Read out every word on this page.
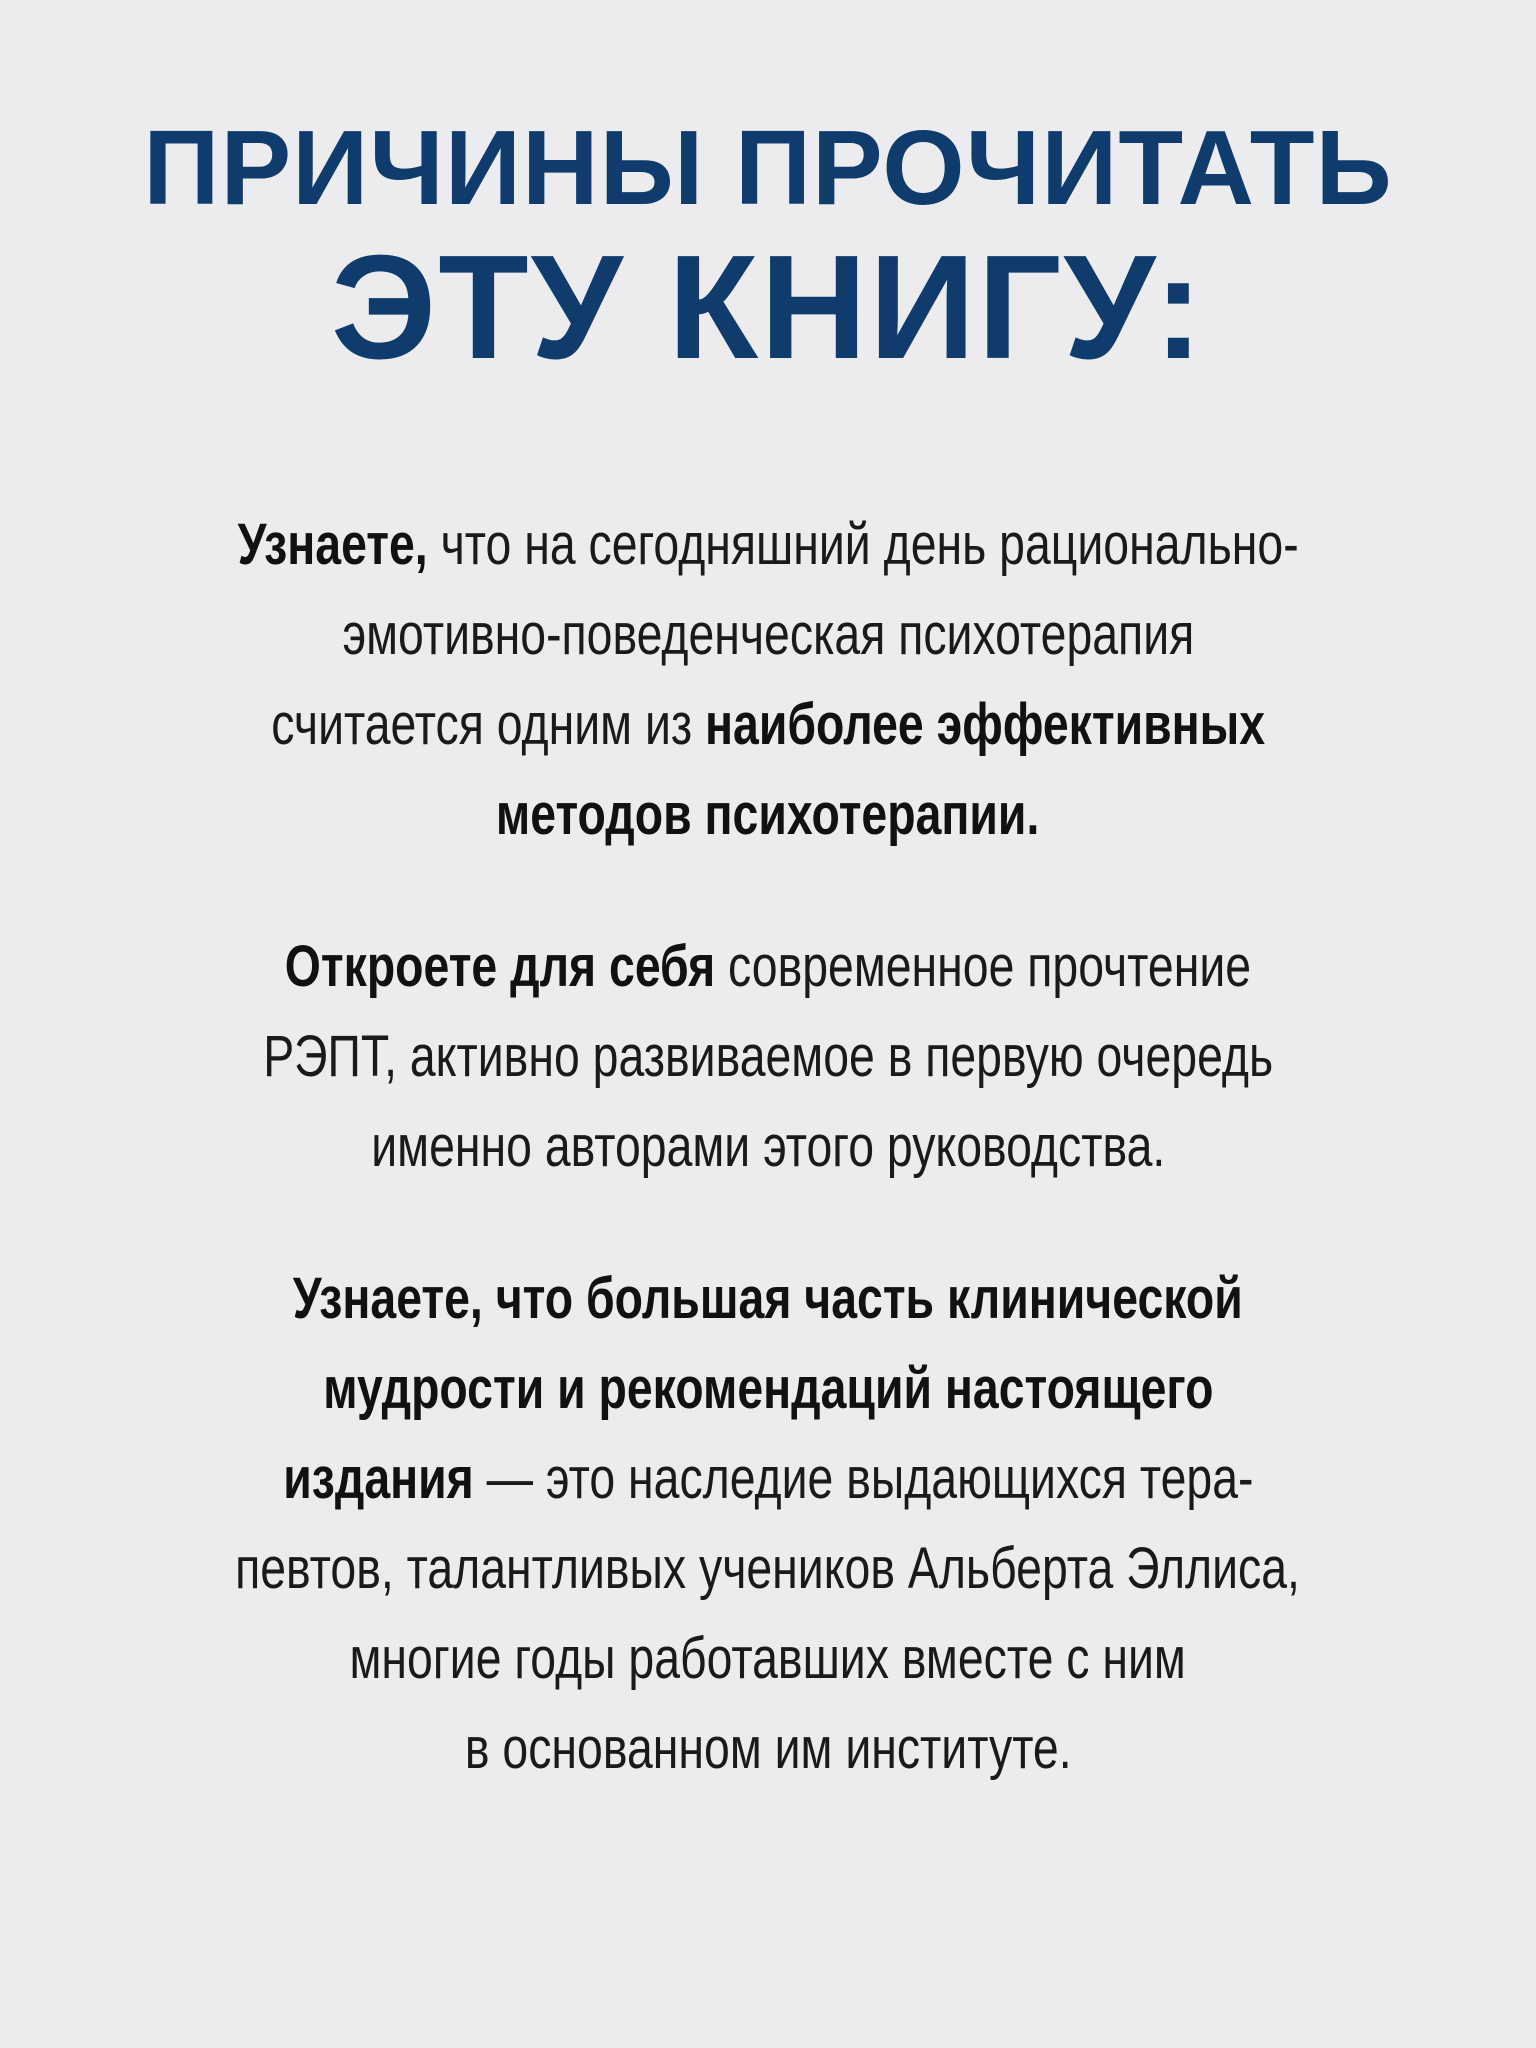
ПРИЧИНЫ ПРОЧИТАТЬ
ЭТУ КНИГУ:

Узнаете, что на сегодняшний день рационально-
эмотивно-поведенческая психотерапия
считается одним из наиболее эффективных
методов психотерапии.

Откроете для себя современное прочтение
РЭПТ, активно развиваемое в первую очередь
именно авторами этого руководства.

Узнаете, что большая часть клинической
мудрости и рекомендаций настоящего
издания — это наследие выдающихся тера-
певтов, талантливых учеников Альберта Эллиса,
многие годы работавших вместе с ним
в основанном им институте.
